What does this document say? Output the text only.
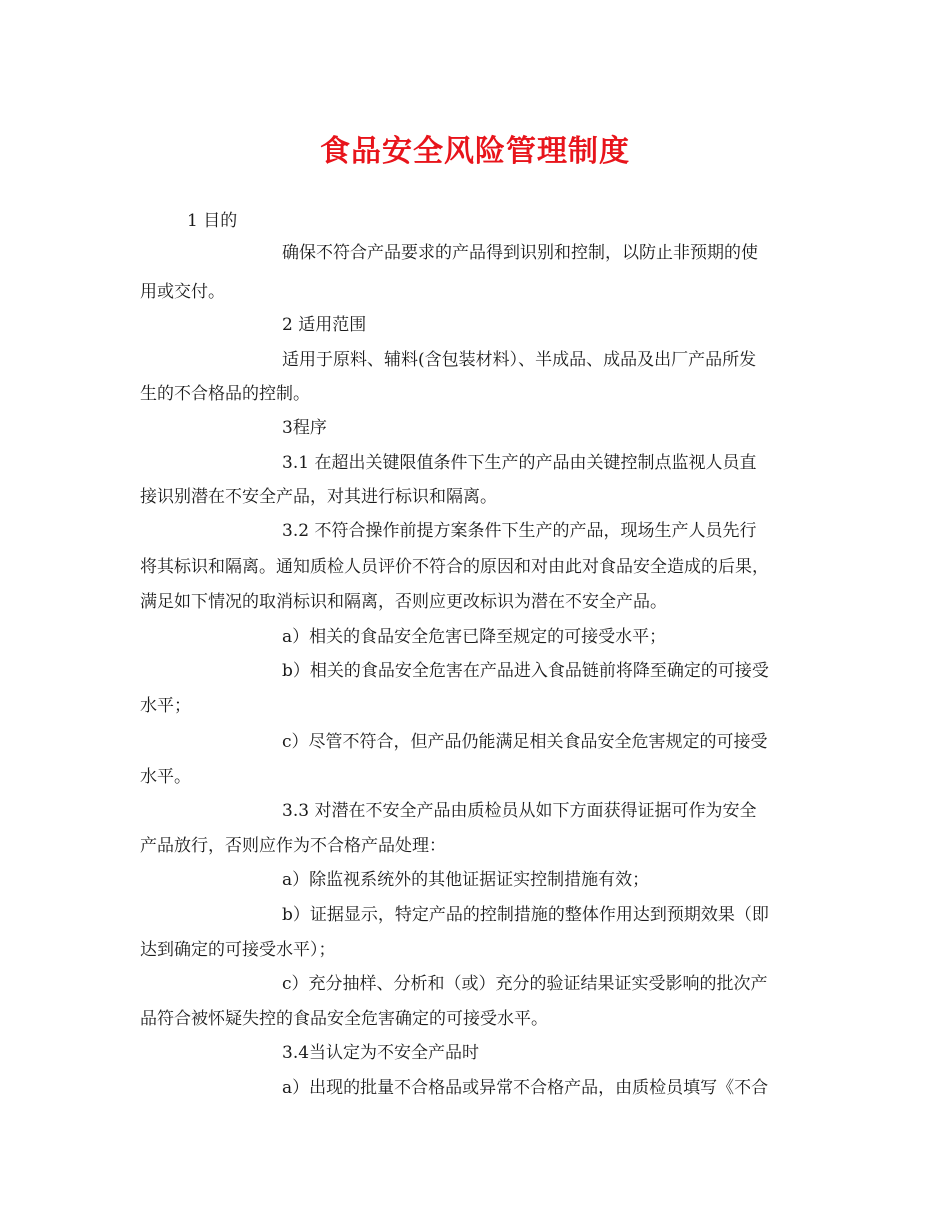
食品安全风险管理制度

1 目的

确保不符合产品要求的产品得到识别和控制，以防止非预期的使

用或交付。

2 适用范围

适用于原料、辅料(含包装材料）、半成品、成品及出厂产品所发

生的不合格品的控制。

3程序

3.1 在超出关键限值条件下生产的产品由关键控制点监视人员直

接识别潜在不安全产品，对其进行标识和隔离。

3.2 不符合操作前提方案条件下生产的产品，现场生产人员先行

将其标识和隔离。通知质检人员评价不符合的原因和对由此对食品安全造成的后果，

满足如下情况的取消标识和隔离，否则应更改标识为潜在不安全产品。

a）相关的食品安全危害已降至规定的可接受水平；

b）相关的食品安全危害在产品进入食品链前将降至确定的可接受

水平；

c）尽管不符合，但产品仍能满足相关食品安全危害规定的可接受

水平。

3.3 对潜在不安全产品由质检员从如下方面获得证据可作为安全

产品放行，否则应作为不合格产品处理：

a）除监视系统外的其他证据证实控制措施有效；

b）证据显示，特定产品的控制措施的整体作用达到预期效果（即

达到确定的可接受水平）；

c）充分抽样、分析和（或）充分的验证结果证实受影响的批次产

品符合被怀疑失控的食品安全危害确定的可接受水平。

3.4当认定为不安全产品时

a）出现的批量不合格品或异常不合格产品，由质检员填写《不合
